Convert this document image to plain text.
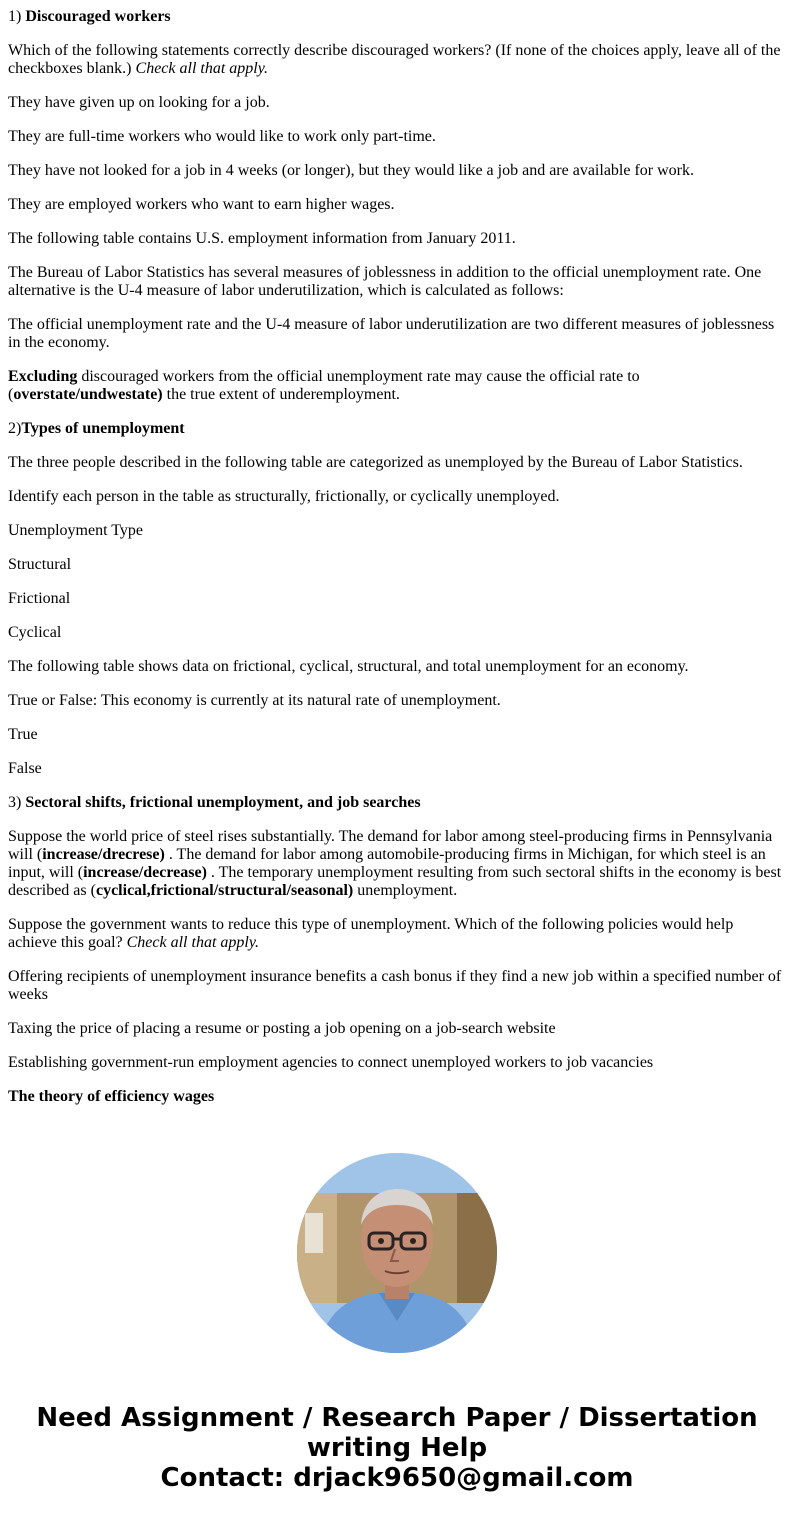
1) Discouraged workers

Which of the following statements correctly describe discouraged workers? (If none of the choices apply, leave all of the checkboxes blank.) Check all that apply.

They have given up on looking for a job.

They are full-time workers who would like to work only part-time.

They have not looked for a job in 4 weeks (or longer), but they would like a job and are available for work.

They are employed workers who want to earn higher wages.

The following table contains U.S. employment information from January 2011.

The Bureau of Labor Statistics has several measures of joblessness in addition to the official unemployment rate. One alternative is the U-4 measure of labor underutilization, which is calculated as follows:

The official unemployment rate and the U-4 measure of labor underutilization are two different measures of joblessness in the economy.

Excluding discouraged workers from the official unemployment rate may cause the official rate to (overstate/undwestate) the true extent of underemployment.

2)Types of unemployment

The three people described in the following table are categorized as unemployed by the Bureau of Labor Statistics.

Identify each person in the table as structurally, frictionally, or cyclically unemployed.

Unemployment Type

Structural

Frictional

Cyclical

The following table shows data on frictional, cyclical, structural, and total unemployment for an economy.

True or False: This economy is currently at its natural rate of unemployment.

True

False

3) Sectoral shifts, frictional unemployment, and job searches

Suppose the world price of steel rises substantially. The demand for labor among steel-producing firms in Pennsylvania will (increase/drecrese) . The demand for labor among automobile-producing firms in Michigan, for which steel is an input, will (increase/decrease) . The temporary unemployment resulting from such sectoral shifts in the economy is best described as (cyclical,frictional/structural/seasonal) unemployment.

Suppose the government wants to reduce this type of unemployment. Which of the following policies would help achieve this goal? Check all that apply.

Offering recipients of unemployment insurance benefits a cash bonus if they find a new job within a specified number of weeks

Taxing the price of placing a resume or posting a job opening on a job-search website

Establishing government-run employment agencies to connect unemployed workers to job vacancies

The theory of efficiency wages

Need Assignment / Research Paper / Dissertation
writing Help
Contact: drjack9650@gmail.com
